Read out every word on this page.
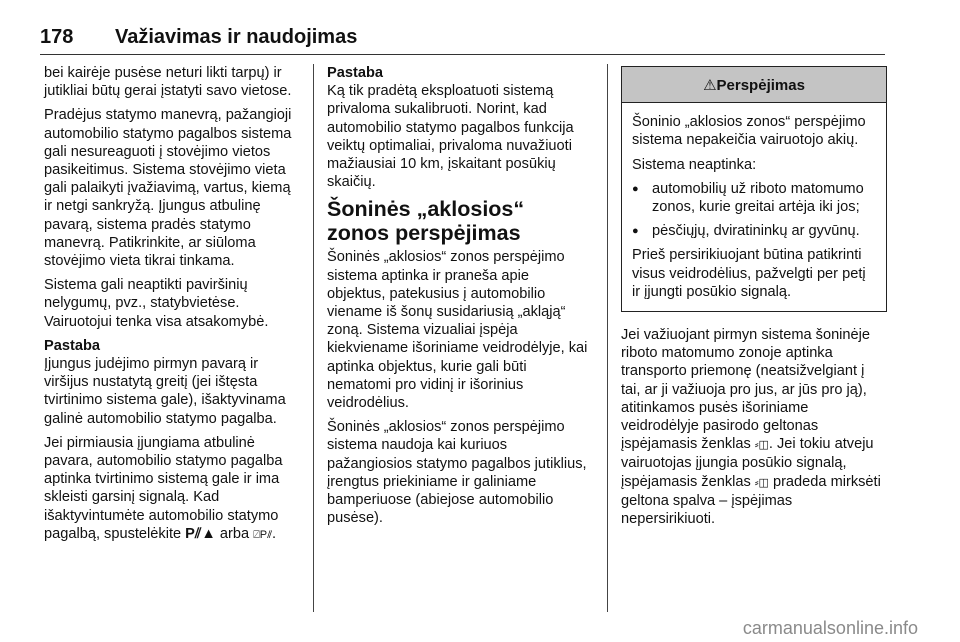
178 Važiavimas ir naudojimas

bei kairėje pusėse neturi likti tarpų) ir jutikliai būtų gerai įstatyti savo vietose.

Pradėjus statymo manevrą, pažangioji automobilio statymo pagalbos sistema gali nesureaguoti į stovėjimo vietos pasikeitimus. Sistema stovėjimo vieta gali palaikyti įvažiavimą, vartus, kiemą ir netgi sankryžą. Įjungus atbulinę pavarą, sistema pradės statymo manevrą. Patikrinkite, ar siūloma stovėjimo vieta tikrai tinkama.

Sistema gali neaptikti paviršinių nelygumų, pvz., statybvietėse. Vairuotojui tenka visa atsakomybė.

Pastaba

Įjungus judėjimo pirmyn pavarą ir viršijus nustatytą greitį (jei ištęsta tvirtinimo sistema gale), išaktyvinama galinė automobilio statymo pagalba.

Jei pirmiausia įjungiama atbulinė pavara, automobilio statymo pagalba aptinka tvirtinimo sistemą gale ir ima skleisti garsinį signalą. Kad išaktyvintumėte automobilio statymo pagalbą, spustelėkite P⫽▲ arba ⍁P⫽.

Pastaba

Ką tik pradėtą eksploatuoti sistemą privaloma sukalibruoti. Norint, kad automobilio statymo pagalbos funkcija veiktų optimaliai, privaloma nuvažiuoti mažiausiai 10 km, įskaitant posūkių skaičių.

Šoninės „aklosios“ zonos perspėjimas

Šoninės „aklosios“ zonos perspėjimo sistema aptinka ir praneša apie objektus, patekusius į automobilio viename iš šonų susidariusią „akląją“ zoną. Sistema vizualiai įspėja kiekviename išoriniame veidrodėlyje, kai aptinka objektus, kurie gali būti nematomi pro vidinį ir išorinius veidrodėlius.

Šoninės „aklosios“ zonos perspėjimo sistema naudoja kai kuriuos pažangiosios statymo pagalbos jutiklius, įrengtus priekiniame ir galiniame bamperiuose (abiejose automobilio pusėse).

⚠Perspėjimas

Šoninio „aklosios zonos“ perspėjimo sistema nepakeičia vairuotojo akių.

Sistema neaptinka:

● automobilių už riboto matomumo zonos, kurie greitai artėja iki jos;
● pėsčiųjų, dviratininkų ar gyvūnų.

Prieš persirikiuojant būtina patikrinti visus veidrodėlius, pažvelgti per petį ir įjungti posūkio signalą.

Jei važiuojant pirmyn sistema šoninėje riboto matomumo zonoje aptinka transporto priemonę (neatsižvelgiant į tai, ar ji važiuoja pro jus, ar jūs pro ją), atitinkamos pusės išoriniame veidrodėlyje pasirodo geltonas įspėjamasis ženklas ⸗◫. Jei tokiu atveju vairuotojas įjungia posūkio signalą, įspėjamasis ženklas ⸗◫ pradeda mirksėti geltona spalva – įspėjimas nepersirikiuoti.

carmanualsonline.info
